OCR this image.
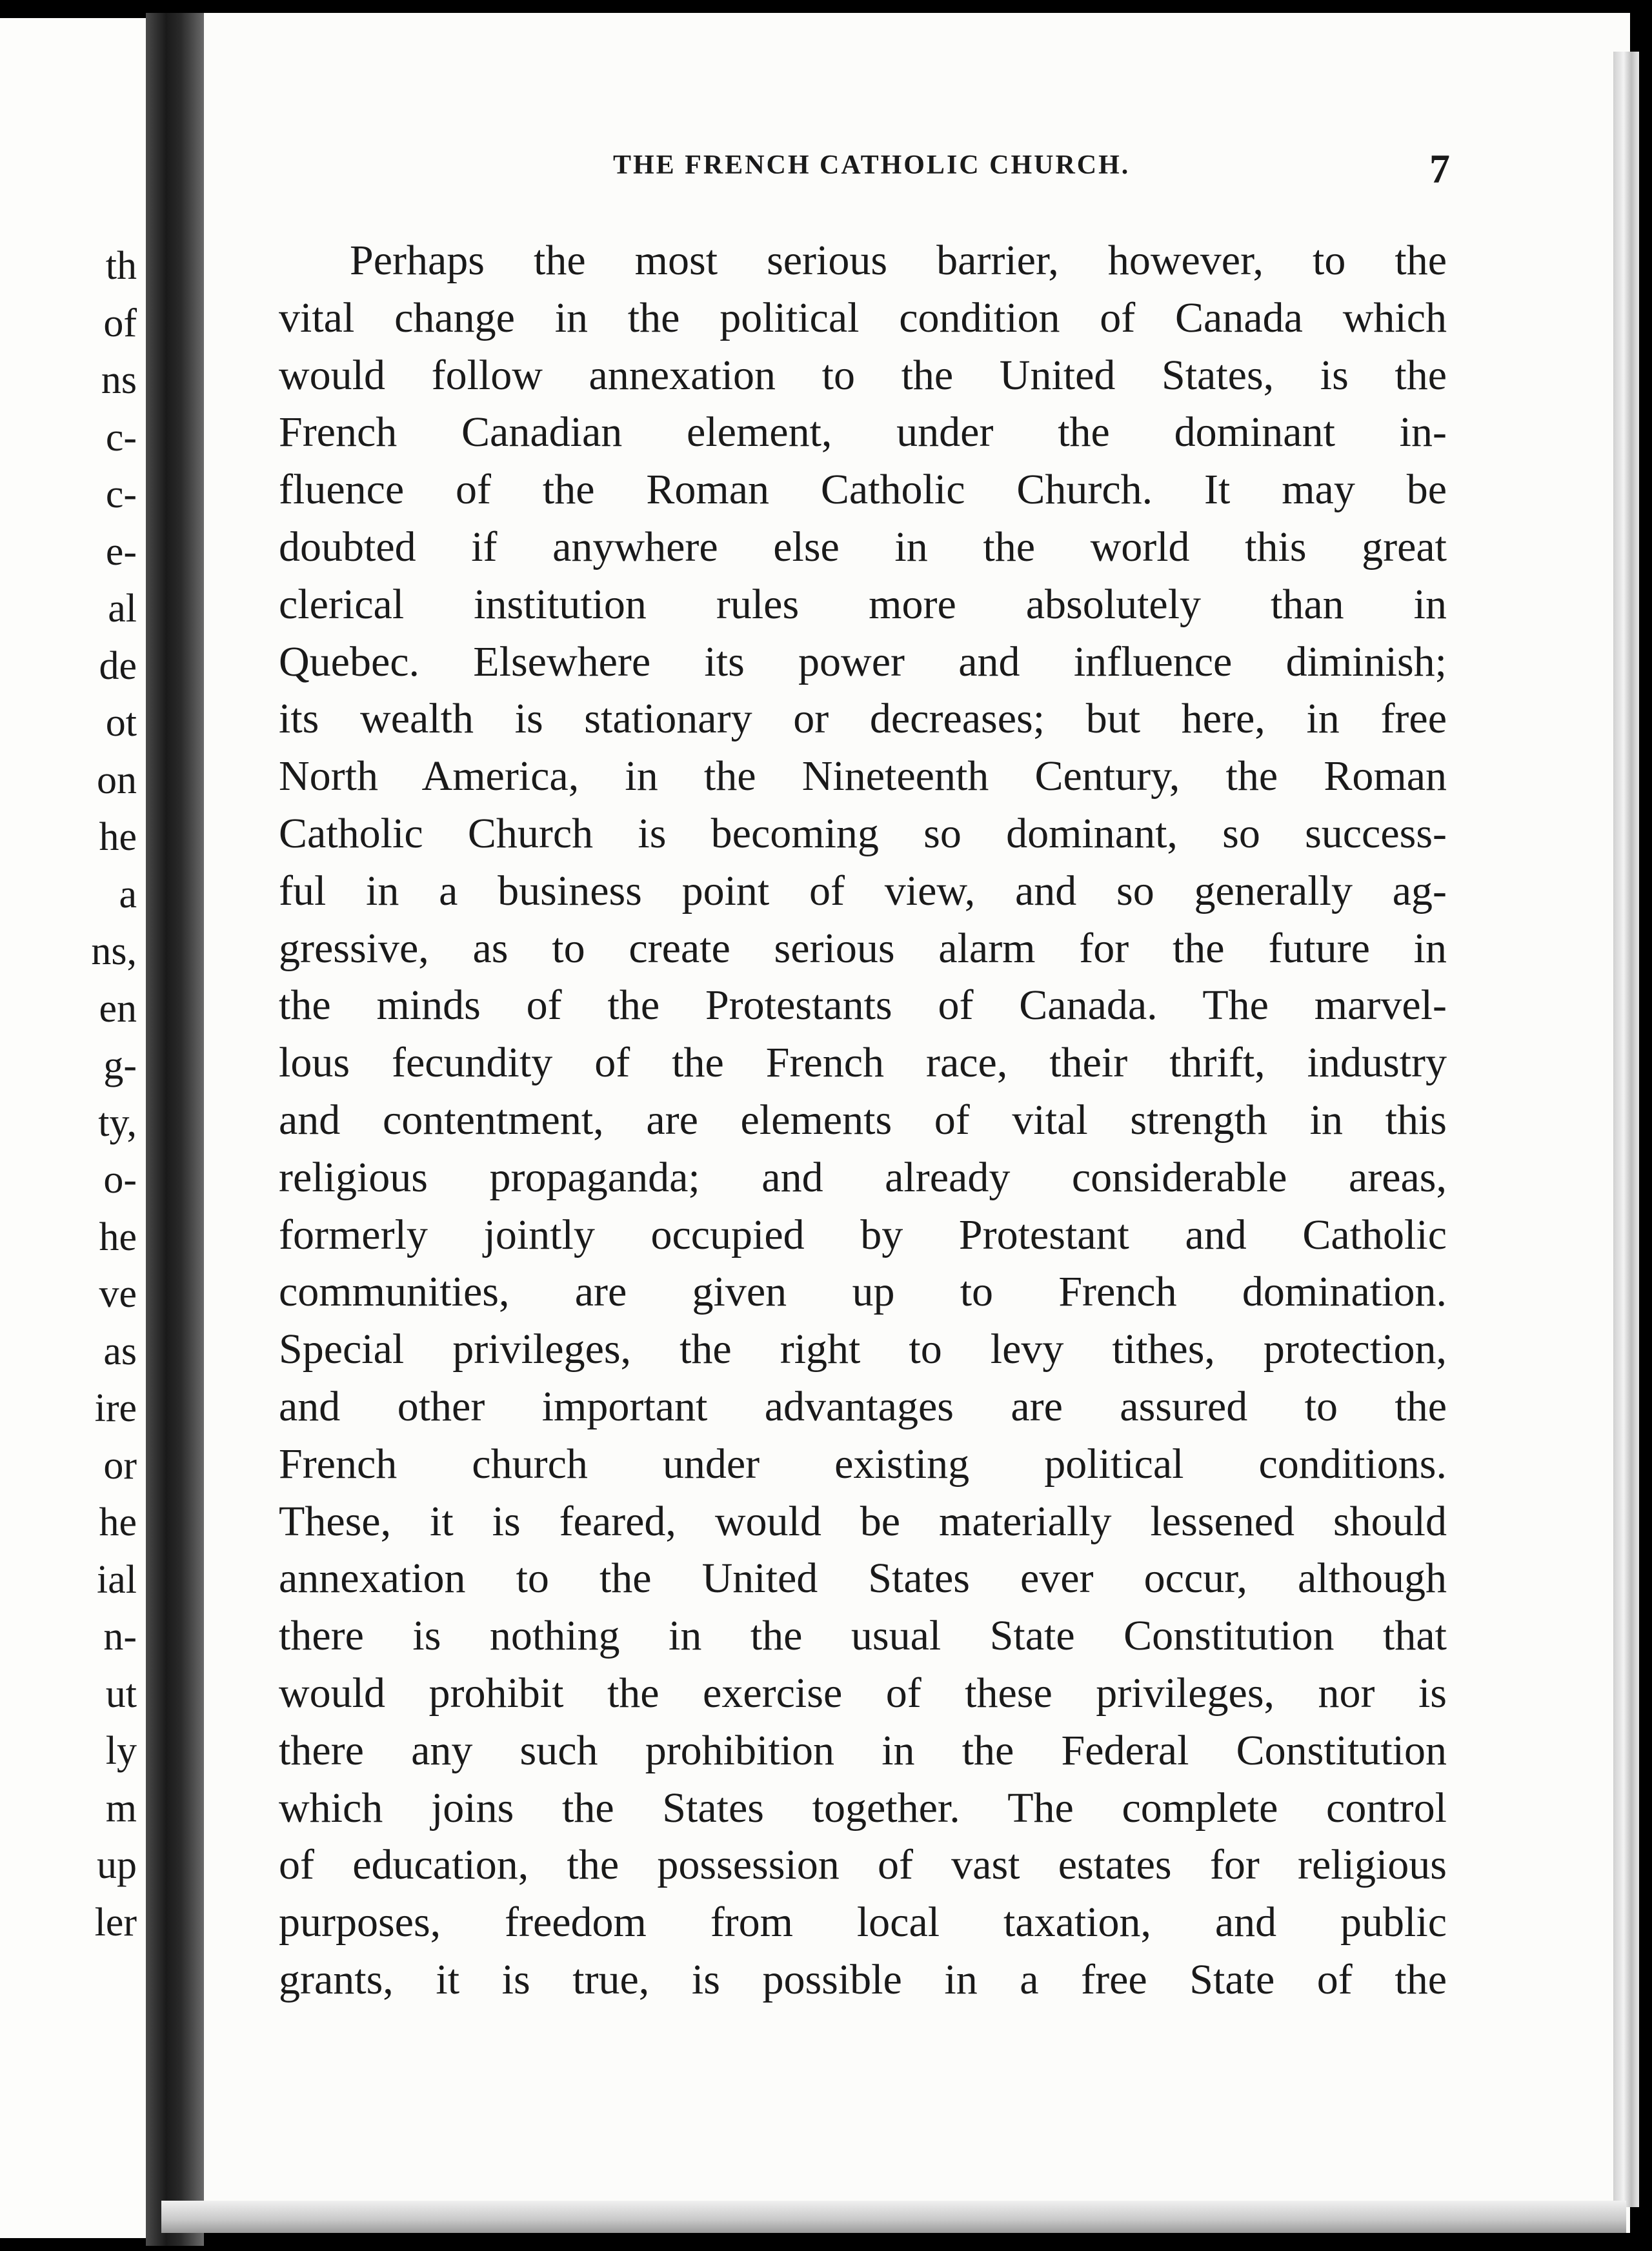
th
of
ns
c-
c-
e-
al
de
ot
on
he
a
ns,
en
g-
ty,
o-
he
ve
as
ire
or
he
ial
n-
ut
ly
m
up
ler
THE FRENCH CATHOLIC CHURCH.	7
Perhaps the most serious barrier, however, to the
vital change in the political condition of Canada which
would follow annexation to the United States, is the
French Canadian element, under the dominant in-
fluence of the Roman Catholic Church. It may be
doubted if anywhere else in the world this great
clerical institution rules more absolutely than in
Quebec. Elsewhere its power and influence diminish;
its wealth is stationary or decreases; but here, in free
North America, in the Nineteenth Century, the Roman
Catholic Church is becoming so dominant, so success-
ful in a business point of view, and so generally ag-
gressive, as to create serious alarm for the future in
the minds of the Protestants of Canada. The marvel-
lous fecundity of the French race, their thrift, industry
and contentment, are elements of vital strength in this
religious propaganda; and already considerable areas,
formerly jointly occupied by Protestant and Catholic
communities, are given up to French domination.
Special privileges, the right to levy tithes, protection,
and other important advantages are assured to the
French church under existing political conditions.
These, it is feared, would be materially lessened should
annexation to the United States ever occur, although
there is nothing in the usual State Constitution that
would prohibit the exercise of these privileges, nor is
there any such prohibition in the Federal Constitution
which joins the States together. The complete control
of education, the possession of vast estates for religious
purposes, freedom from local taxation, and public
grants, it is true, is possible in a free State of the
